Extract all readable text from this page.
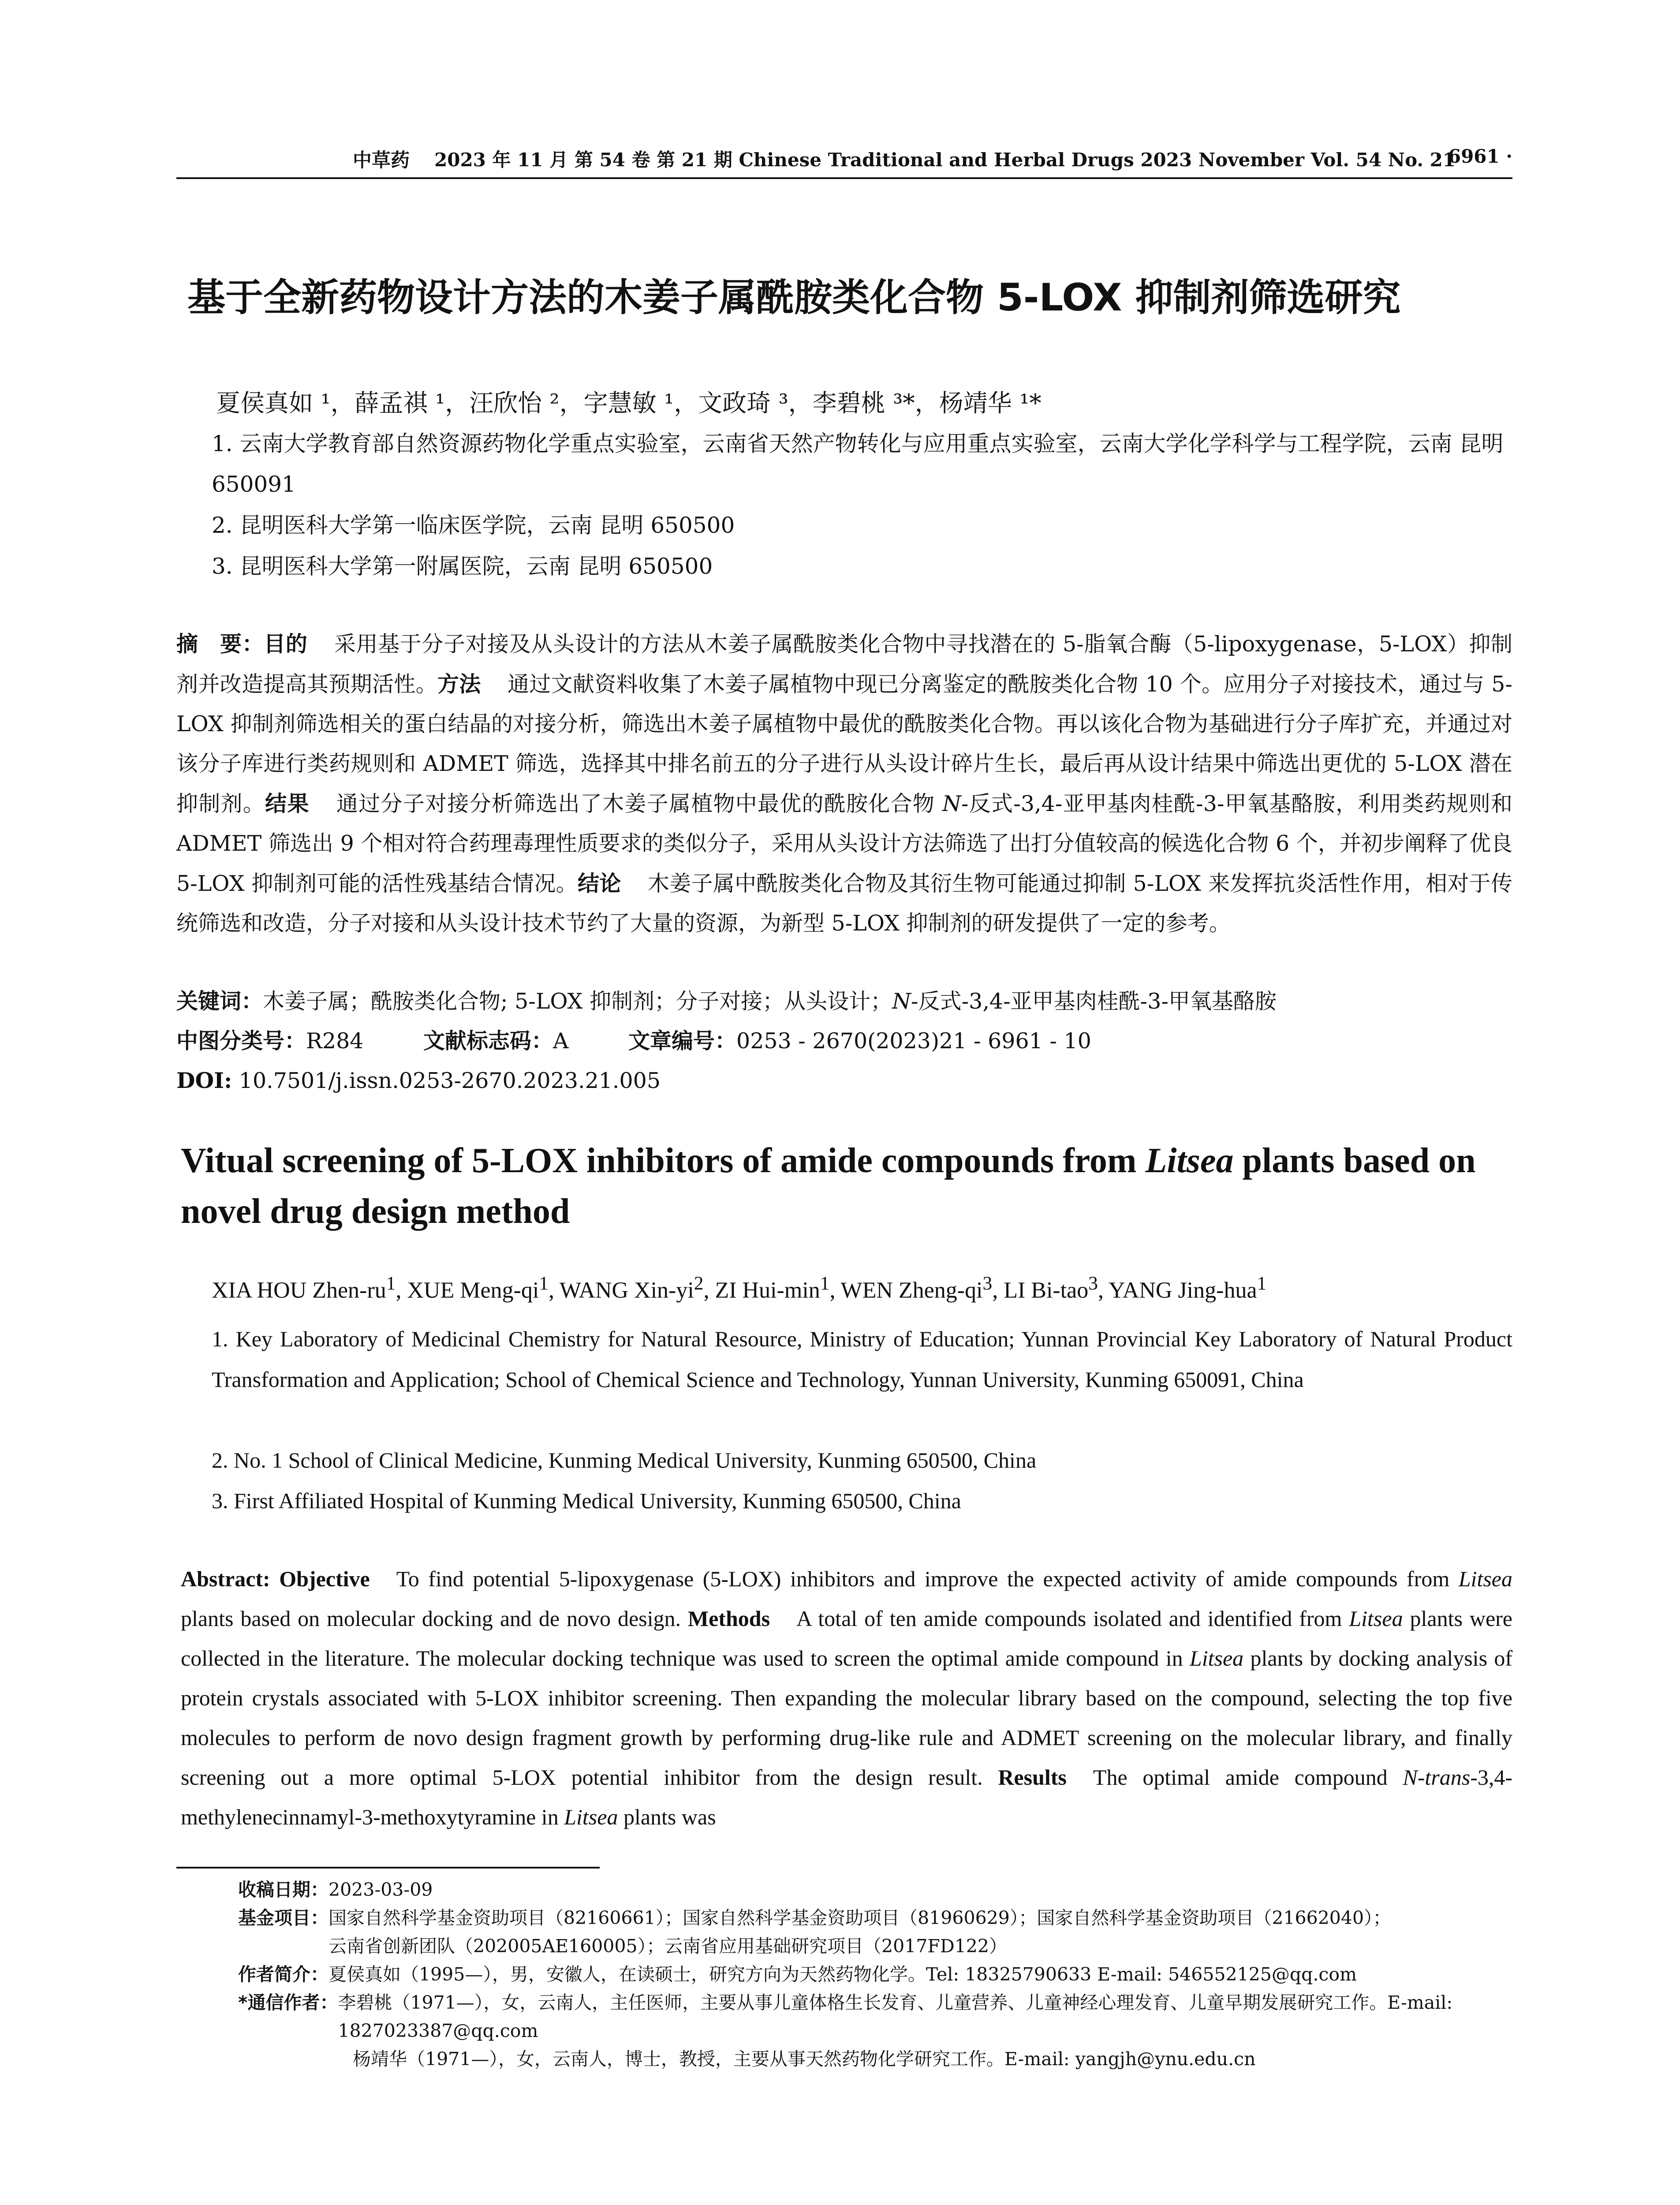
中草药 2023 年 11 月 第 54 卷 第 21 期 Chinese Traditional and Herbal Drugs 2023 November Vol. 54 No. 21
· 6961 ·
基于全新药物设计方法的木姜子属酰胺类化合物 5-LOX 抑制剂筛选研究
夏侯真如 ¹，薛孟祺 ¹，汪欣怡 ²，字慧敏 ¹，文政琦 ³，李碧桃 ³*，杨靖华 ¹*
1. 云南大学教育部自然资源药物化学重点实验室，云南省天然产物转化与应用重点实验室，云南大学化学科学与工程学院，云南 昆明 650091
2. 昆明医科大学第一临床医学院，云南 昆明 650500
3. 昆明医科大学第一附属医院，云南 昆明 650500
摘　要：目的 采用基于分子对接及从头设计的方法从木姜子属酰胺类化合物中寻找潜在的 5-脂氧合酶（5-lipoxygenase，5-LOX）抑制剂并改造提高其预期活性。方法 通过文献资料收集了木姜子属植物中现已分离鉴定的酰胺类化合物 10 个。应用分子对接技术，通过与 5-LOX 抑制剂筛选相关的蛋白结晶的对接分析，筛选出木姜子属植物中最优的酰胺类化合物。再以该化合物为基础进行分子库扩充，并通过对该分子库进行类药规则和 ADMET 筛选，选择其中排名前五的分子进行从头设计碎片生长，最后再从设计结果中筛选出更优的 5-LOX 潜在抑制剂。结果 通过分子对接分析筛选出了木姜子属植物中最优的酰胺化合物 N-反式-3,4-亚甲基肉桂酰-3-甲氧基酪胺，利用类药规则和 ADMET 筛选出 9 个相对符合药理毒理性质要求的类似分子，采用从头设计方法筛选了出打分值较高的候选化合物 6 个，并初步阐释了优良 5-LOX 抑制剂可能的活性残基结合情况。结论 木姜子属中酰胺类化合物及其衍生物可能通过抑制 5-LOX 来发挥抗炎活性作用，相对于传统筛选和改造，分子对接和从头设计技术节约了大量的资源，为新型 5-LOX 抑制剂的研发提供了一定的参考。
关键词：木姜子属；酰胺类化合物; 5-LOX 抑制剂；分子对接；从头设计；N-反式-3,4-亚甲基肉桂酰-3-甲氧基酪胺
中图分类号：R284	文献标志码：A	文章编号：0253 - 2670(2023)21 - 6961 - 10
DOI: 10.7501/j.issn.0253-2670.2023.21.005
Vitual screening of 5-LOX inhibitors of amide compounds from Litsea plants based on novel drug design method
XIA HOU Zhen-$ru^1$, XUE Meng-$qi^1$, WANG Xin-$yi^2$, ZI Hui-$\min^1$, WEN Zheng-$qi^3$, LI Bi-tao$^3$, YANG Jing-hua$^1$
1. Key Laboratory of Medicinal Chemistry for Natural Resource, Ministry of Education; Yunnan Provincial Key Laboratory of Natural Product Transformation and Application; School of Chemical Science and Technology, Yunnan University, Kunming 650091, China
2. No. 1 School of Clinical Medicine, Kunming Medical University, Kunming 650500, China
3. First Affiliated Hospital of Kunming Medical University, Kunming 650500, China
Abstract: Objective To find potential 5-lipoxygenase (5-LOX) inhibitors and improve the expected activity of amide compounds from Litsea plants based on molecular docking and de novo design. Methods A total of ten amide compounds isolated and identified from Litsea plants were collected in the literature. The molecular docking technique was used to screen the optimal amide compound in Litsea plants by docking analysis of protein crystals associated with 5-LOX inhibitor screening. Then expanding the molecular library based on the compound, selecting the top five molecules to perform de novo design fragment growth by performing drug-like rule and ADMET screening on the molecular library, and finally screening out a more optimal 5-LOX potential inhibitor from the design result. Results The optimal amide compound N-trans-3,4-methylenecinnamyl-3-methoxytyramine in Litsea plants was
收稿日期： 2023-03-09
基金项目： 国家自然科学基金资助项目（82160661）；国家自然科学基金资助项目（81960629）；国家自然科学基金资助项目（21662040）；
云南省创新团队（202005AE160005）；云南省应用基础研究项目（2017FD122）
作者简介： 夏侯真如（1995—），男，安徽人，在读硕士，研究方向为天然药物化学。Tel: 18325790633 E-mail: 546552125@qq.com
*通信作者： 李碧桃（1971—），女，云南人，主任医师，主要从事儿童体格生长发育、儿童营养、儿童神经心理发育、儿童早期发展研究工作。E-mail: 1827023387@qq.com
杨靖华（1971—），女，云南人，博士，教授，主要从事天然药物化学研究工作。E-mail: yangjh@ynu.edu.cn
